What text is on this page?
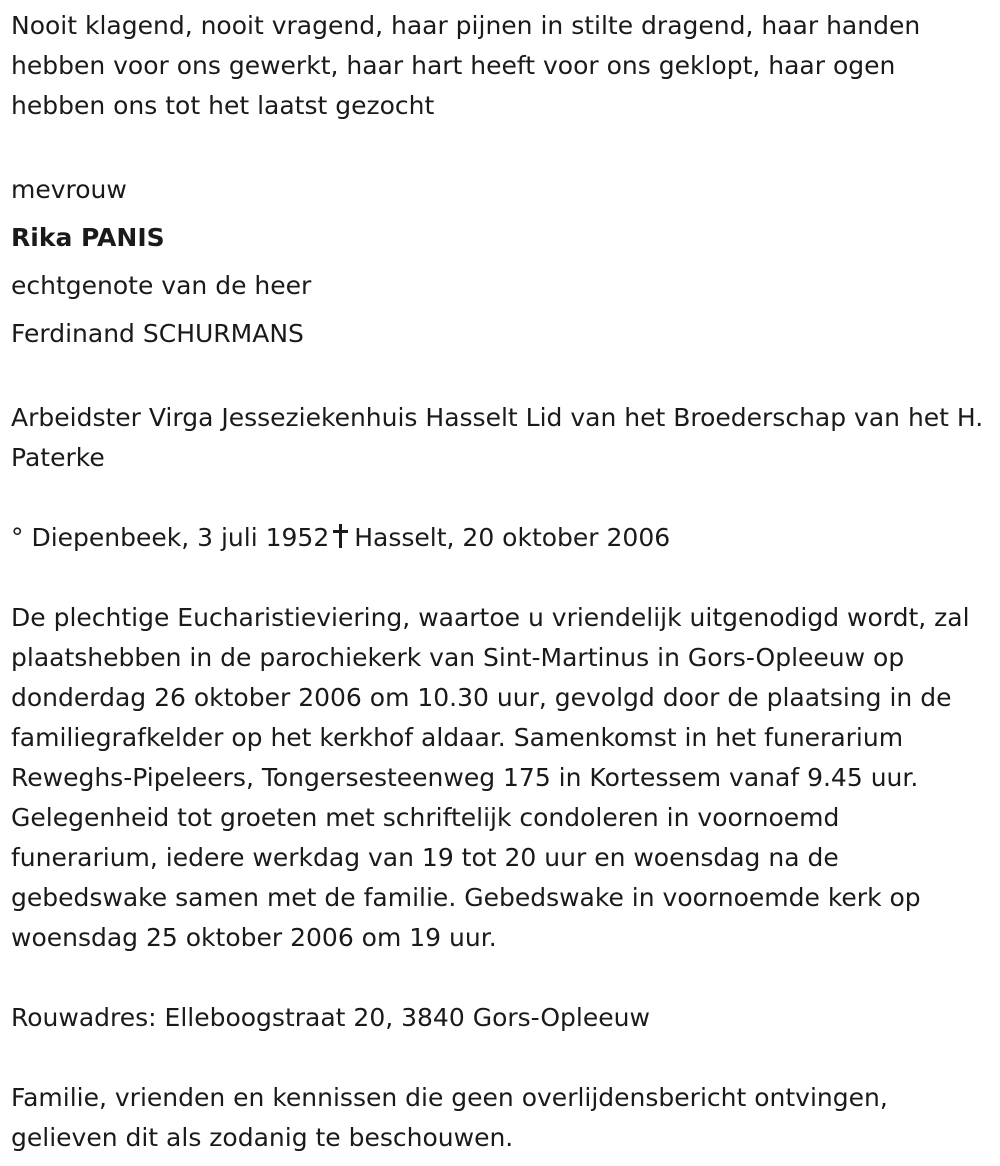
Nooit klagend, nooit vragend, haar pijnen in stilte dragend, haar handen hebben voor ons gewerkt, haar hart heeft voor ons geklopt, haar ogen hebben ons tot het laatst gezocht

mevrouw

Rika PANIS

echtgenote van de heer

Ferdinand SCHURMANS

Arbeidster Virga Jesseziekenhuis Hasselt Lid van het Broederschap van het H. Paterke

° Diepenbeek, 3 juli 1952 Hasselt, 20 oktober 2006

De plechtige Eucharistieviering, waartoe u vriendelijk uitgenodigd wordt, zal plaatshebben in de parochiekerk van Sint-Martinus in Gors-Opleeuw op donderdag 26 oktober 2006 om 10.30 uur, gevolgd door de plaatsing in de familiegrafkelder op het kerkhof aldaar. Samenkomst in het funerarium Reweghs-Pipeleers, Tongersesteenweg 175 in Kortessem vanaf 9.45 uur. Gelegenheid tot groeten met schriftelijk condoleren in voornoemd funerarium, iedere werkdag van 19 tot 20 uur en woensdag na de gebedswake samen met de familie. Gebedswake in voornoemde kerk op woensdag 25 oktober 2006 om 19 uur.

Rouwadres: Elleboogstraat 20, 3840 Gors-Opleeuw

Familie, vrienden en kennissen die geen overlijdensbericht ontvingen, gelieven dit als zodanig te beschouwen.
